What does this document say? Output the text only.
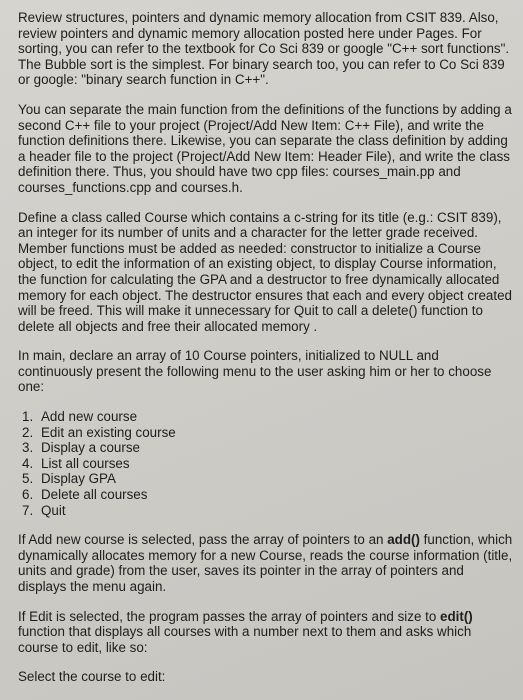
Review structures, pointers and dynamic memory allocation from CSIT 839. Also, review pointers and dynamic memory allocation posted here under Pages. For sorting, you can refer to the textbook for Co Sci 839 or google "C++ sort functions". The Bubble sort is the simplest. For binary search too, you can refer to Co Sci 839 or google: "binary search function in C++".

You can separate the main function from the definitions of the functions by adding a second C++ file to your project (Project/Add New Item: C++ File), and write the function definitions there. Likewise, you can separate the class definition by adding a header file to the project (Project/Add New Item: Header File), and write the class definition there. Thus, you should have two cpp files: courses_main.pp and courses_functions.cpp and courses.h.

Define a class called Course which contains a c-string for its title (e.g.: CSIT 839), an integer for its number of units and a character for the letter grade received. Member functions must be added as needed: constructor to initialize a Course object, to edit the information of an existing object, to display Course information, the function for calculating the GPA and a destructor to free dynamically allocated memory for each object. The destructor ensures that each and every object created will be freed. This will make it unnecessary for Quit to call a delete() function to delete all objects and free their allocated memory .

In main, declare an array of 10 Course pointers, initialized to NULL and continuously present the following menu to the user asking him or her to choose one:

1. Add new course
2. Edit an existing course
3. Display a course
4. List all courses
5. Display GPA
6. Delete all courses
7. Quit

If Add new course is selected, pass the array of pointers to an add() function, which dynamically allocates memory for a new Course, reads the course information (title, units and grade) from the user, saves its pointer in the array of pointers and displays the menu again.

If Edit is selected, the program passes the array of pointers and size to edit() function that displays all courses with a number next to them and asks which course to edit, like so:

Select the course to edit:
